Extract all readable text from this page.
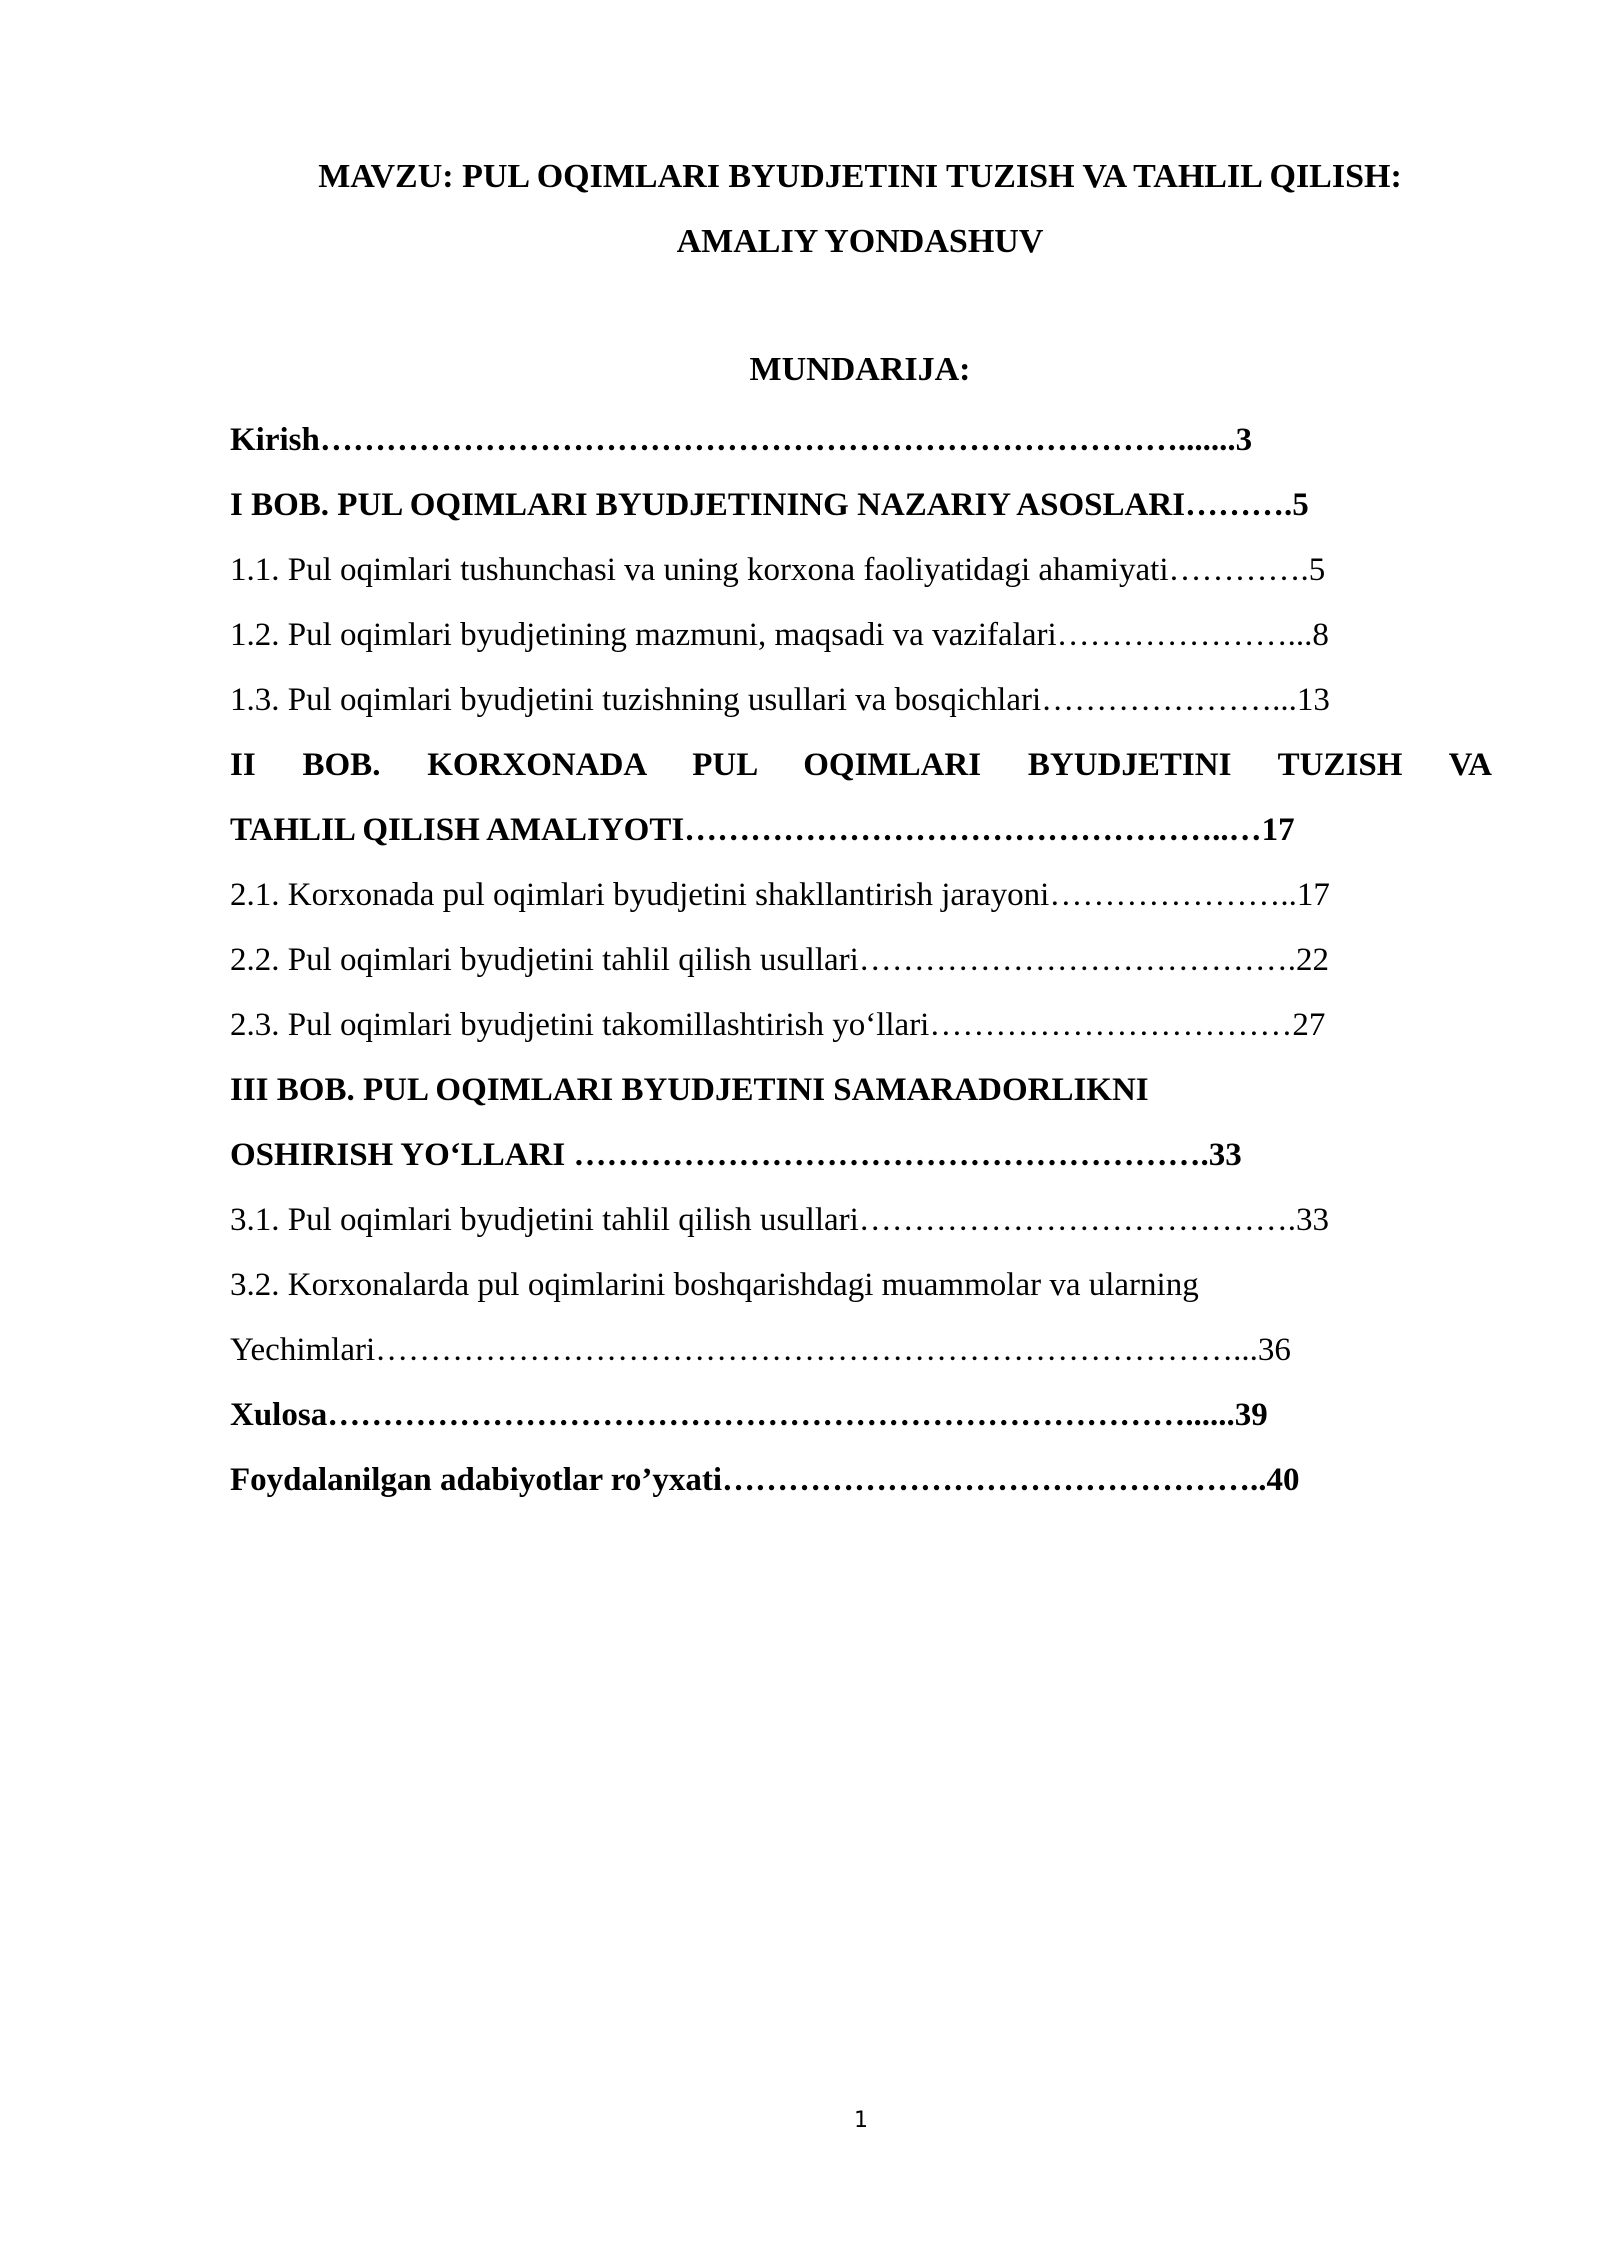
MAVZU: PUL OQIMLARI BYUDJETINI TUZISH VA TAHLIL QILISH:
AMALIY YONDASHUV
MUNDARIJA:
Kirish…………………………………………………………………….......3
I BOB. PUL OQIMLARI BYUDJETINING NAZARIY ASOSLARI……….5
1.1. Pul oqimlari tushunchasi va uning korxona faoliyatidagi ahamiyati………….5
1.2. Pul oqimlari byudjetining mazmuni, maqsadi va vazifalari…………………...8
1.3. Pul oqimlari byudjetini tuzishning usullari va bosqichlari…………………...13
II BOB. KORXONADA PUL OQIMLARI BYUDJETINI TUZISH VA
TAHLIL QILISH AMALIYOTI…………………………………………..…17
2.1. Korxonada pul oqimlari byudjetini shakllantirish jarayoni…………………..17
2.2. Pul oqimlari byudjetini tahlil qilish usullari………………………………….22
2.3. Pul oqimlari byudjetini takomillashtirish yo‘llari……………………………27
III BOB. PUL OQIMLARI BYUDJETINI SAMARADORLIKNI
OSHIRISH YO‘LLARI ………………………………………………….33
3.1. Pul oqimlari byudjetini tahlil qilish usullari………………………………….33
3.2. Korxonalarda pul oqimlarini boshqarishdagi muammolar va ularning
Yechimlari……………………………………………………………………...36
Xulosa……………………………………………………………………......39
Foydalanilgan adabiyotlar ro’yxati…………………………………………..40
1
